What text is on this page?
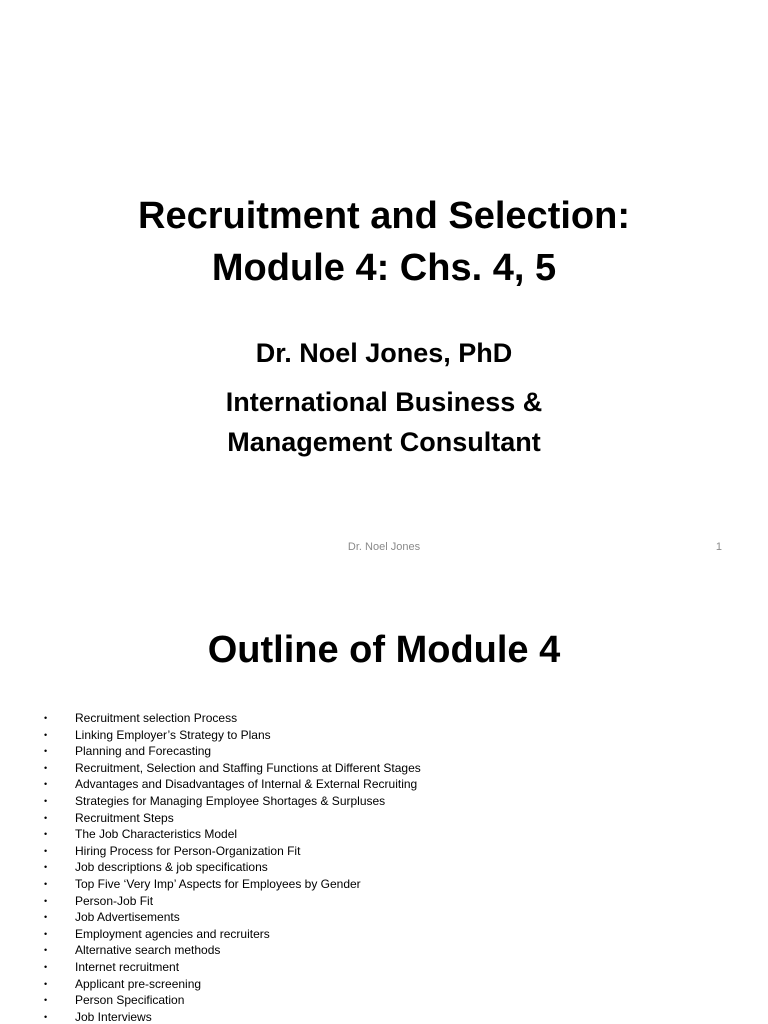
Recruitment and Selection:
Module 4: Chs. 4, 5
Dr. Noel Jones, PhD
International Business &
Management Consultant
Dr. Noel Jones	1
Outline of Module 4
• Recruitment selection Process
• Linking Employer’s Strategy to Plans
• Planning and Forecasting
• Recruitment, Selection and Staffing Functions at Different Stages
• Advantages and Disadvantages of Internal & External Recruiting
• Strategies for Managing Employee Shortages & Surpluses
• Recruitment Steps
• The Job Characteristics Model
• Hiring Process for Person-Organization Fit
• Job descriptions & job specifications
• Top Five ‘Very Imp’ Aspects for Employees by Gender
• Person-Job Fit
• Job Advertisements
• Employment agencies and recruiters
• Alternative search methods
• Internet recruitment
• Applicant pre-screening
• Person Specification
• Job Interviews
